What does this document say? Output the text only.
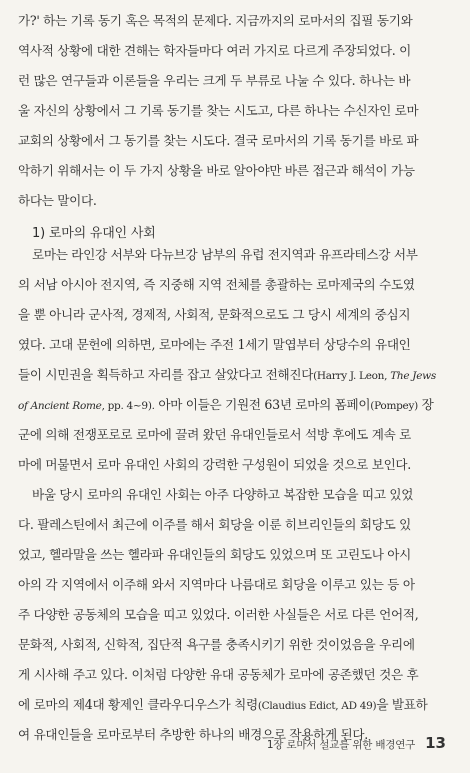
가?' 하는 기록 동기 혹은 목적의 문제다. 지금까지의 로마서의 집필 동기와
역사적 상황에 대한 견해는 학자들마다 여러 가지로 다르게 주장되었다. 이
런 많은 연구들과 이론들을 우리는 크게 두 부류로 나눌 수 있다. 하나는 바
울 자신의 상황에서 그 기록 동기를 찾는 시도고, 다른 하나는 수신자인 로마
교회의 상황에서 그 동기를 찾는 시도다. 결국 로마서의 기록 동기를 바로 파
악하기 위해서는 이 두 가지 상황을 바로 알아야만 바른 접근과 해석이 가능
하다는 말이다.
1) 로마의 유대인 사회
로마는 라인강 서부와 다뉴브강 남부의 유럽 전지역과 유프라테스강 서부
의 서남 아시아 전지역, 즉 지중해 지역 전체를 총괄하는 로마제국의 수도였
을 뿐 아니라 군사적, 경제적, 사회적, 문화적으로도 그 당시 세계의 중심지
였다. 고대 문헌에 의하면, 로마에는 주전 1세기 말엽부터 상당수의 유대인
들이 시민권을 획득하고 자리를 잡고 살았다고 전해진다(Harry J. Leon, The Jews
of Ancient Rome, pp. 4~9). 아마 이들은 기원전 63년 로마의 폼페이(Pompey) 장
군에 의해 전쟁포로로 로마에 끌려 왔던 유대인들로서 석방 후에도 계속 로
마에 머물면서 로마 유대인 사회의 강력한 구성원이 되었을 것으로 보인다.
바울 당시 로마의 유대인 사회는 아주 다양하고 복잡한 모습을 띠고 있었
다. 팔레스틴에서 최근에 이주를 해서 회당을 이룬 히브리인들의 회당도 있
었고, 헬라말을 쓰는 헬라파 유대인들의 회당도 있었으며 또 고린도나 아시
아의 각 지역에서 이주해 와서 지역마다 나름대로 회당을 이루고 있는 등 아
주 다양한 공동체의 모습을 띠고 있었다. 이러한 사실들은 서로 다른 언어적,
문화적, 사회적, 신학적, 집단적 욕구를 충족시키기 위한 것이었음을 우리에
게 시사해 주고 있다. 이처럼 다양한 유대 공동체가 로마에 공존했던 것은 후
에 로마의 제4대 황제인 클라우디우스가 칙령(Claudius Edict, AD 49)을 발표하
여 유대인들을 로마로부터 추방한 하나의 배경으로 작용하게 된다.
1장 로마서 설교를 위한 배경연구 13
